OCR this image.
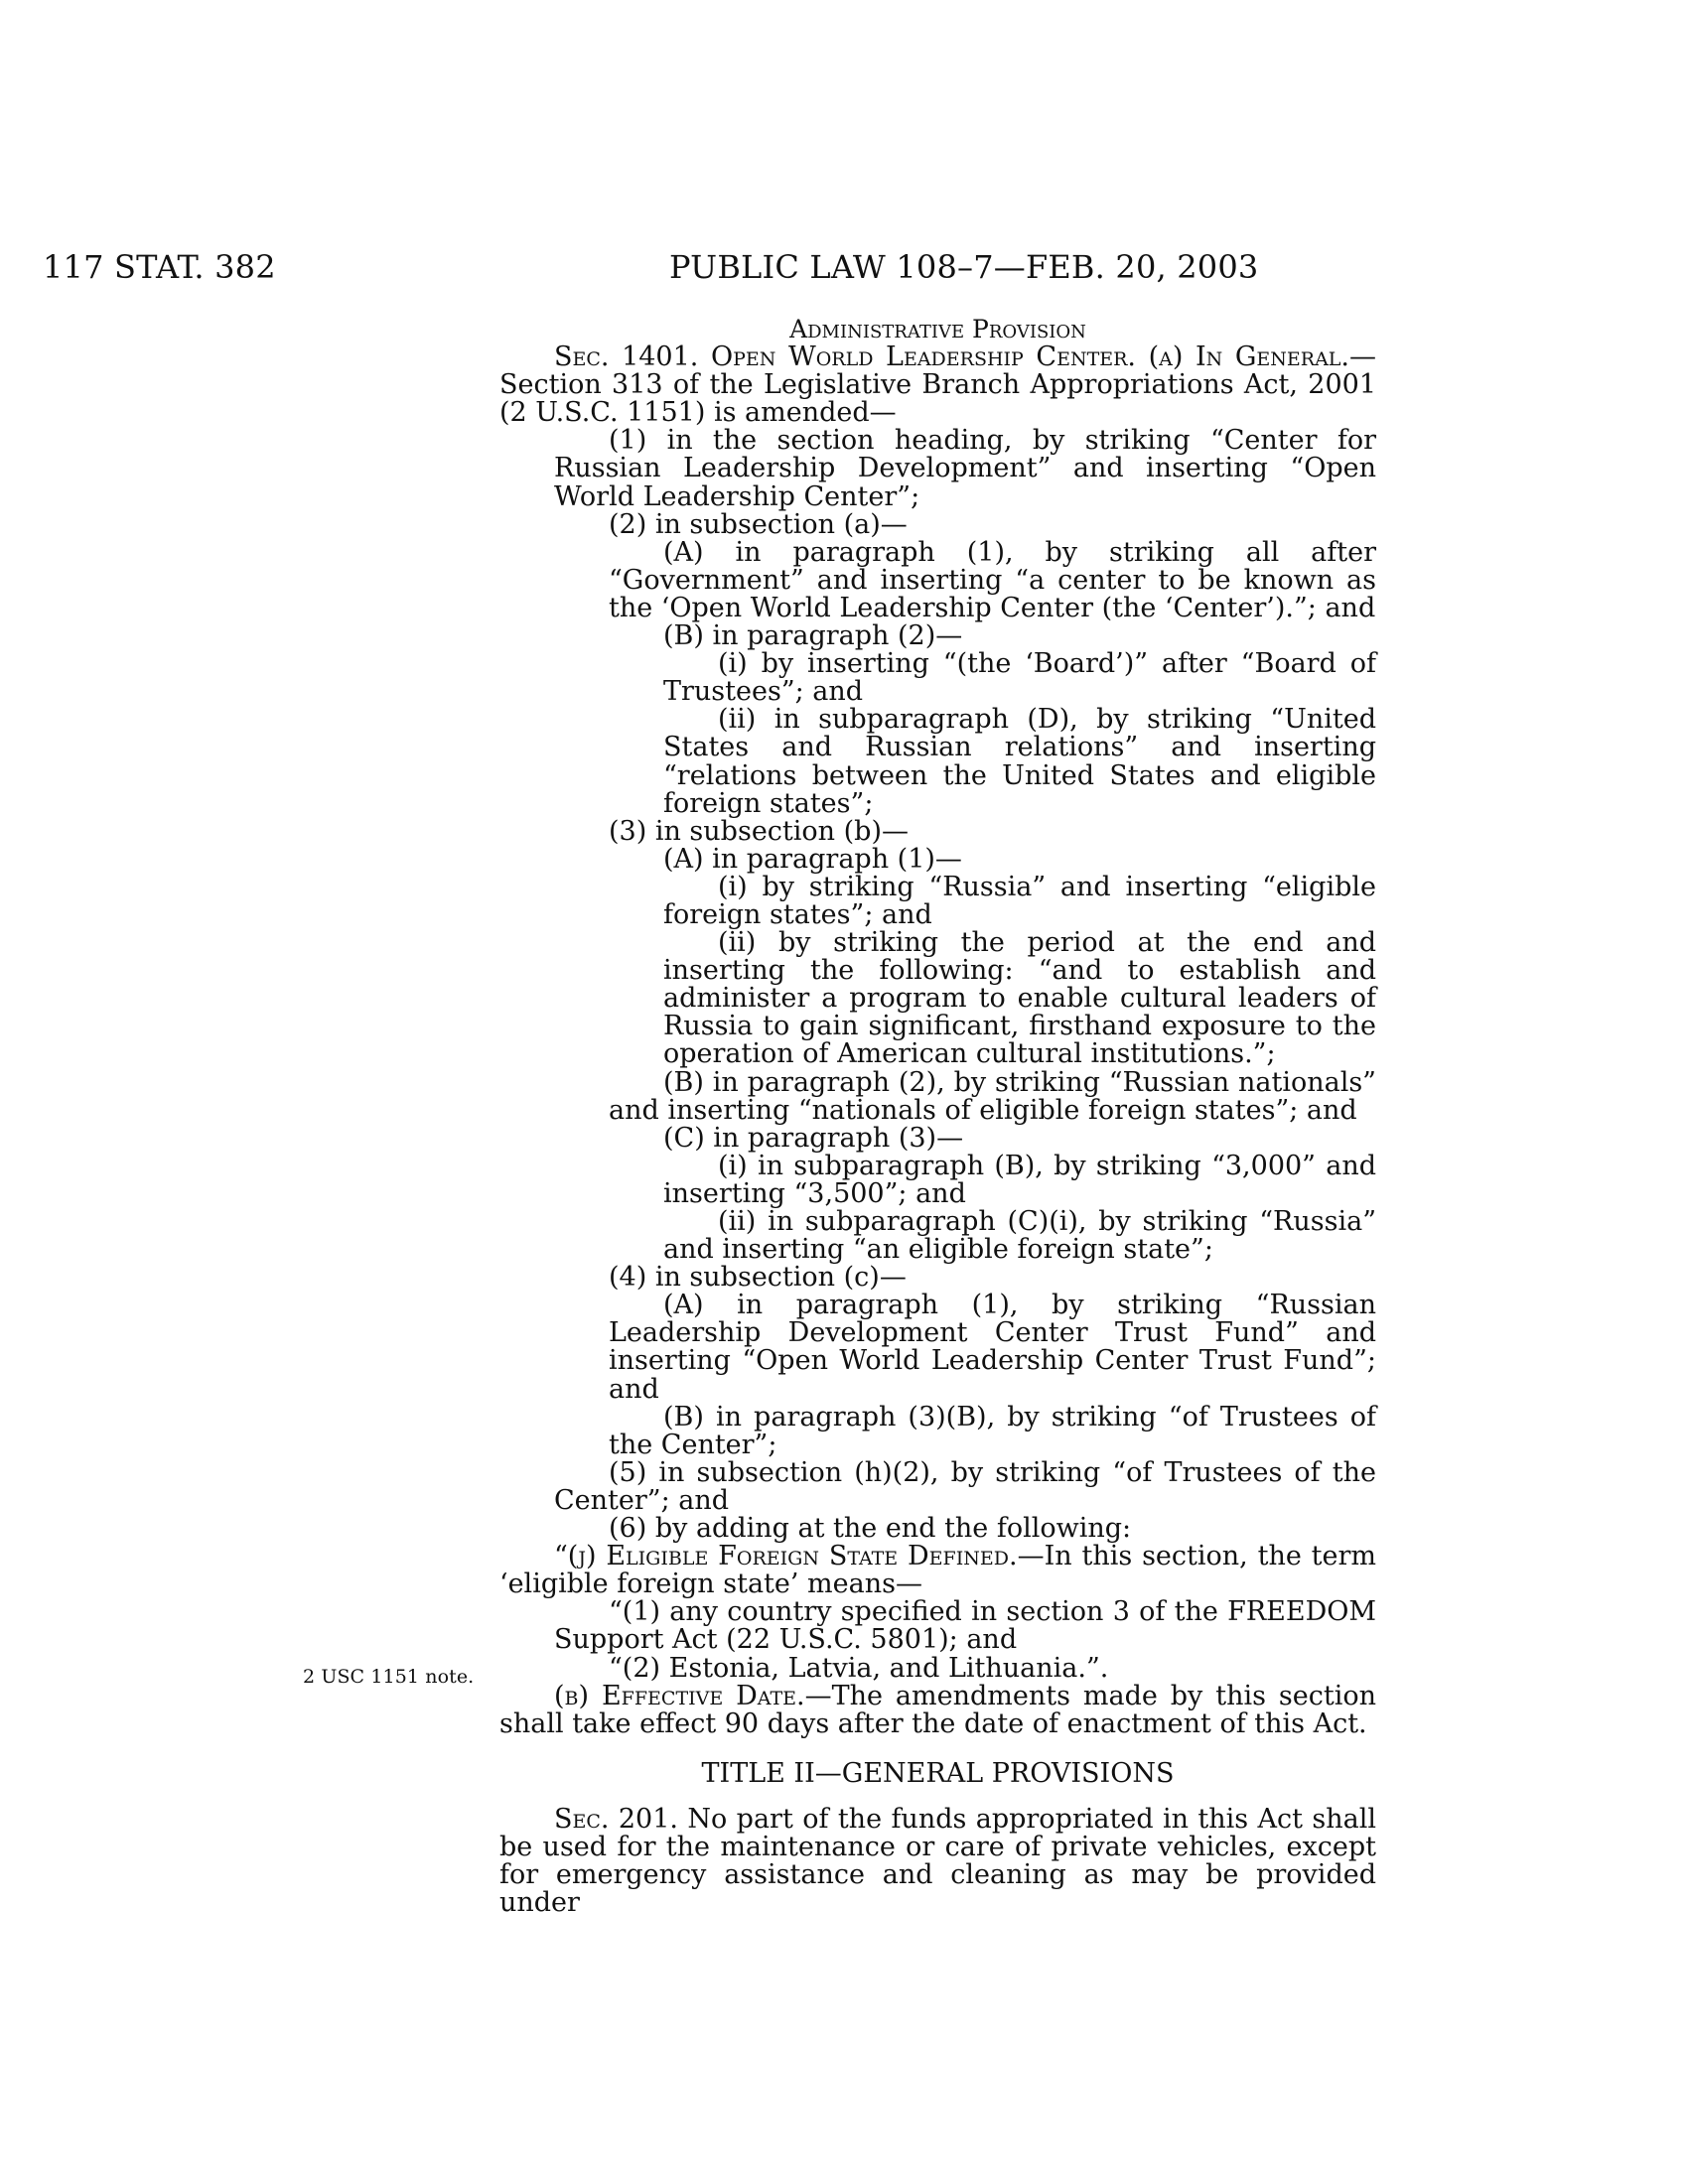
117 STAT. 382	PUBLIC LAW 108–7—FEB. 20, 2003

Administrative Provision

Sec. 1401. Open World Leadership Center. (a) In General.—Section 313 of the Legislative Branch Appropriations Act, 2001 (2 U.S.C. 1151) is amended—

(1) in the section heading, by striking “Center for Russian Leadership Development” and inserting “Open World Leadership Center”;

(2) in subsection (a)—

(A) in paragraph (1), by striking all after “Government” and inserting “a center to be known as the ‘Open World Leadership Center (the ‘Center’).”; and

(B) in paragraph (2)—

(i) by inserting “(the ‘Board’)” after “Board of Trustees”; and

(ii) in subparagraph (D), by striking “United States and Russian relations” and inserting “relations between the United States and eligible foreign states”;

(3) in subsection (b)—

(A) in paragraph (1)—

(i) by striking “Russia” and inserting “eligible foreign states”; and

(ii) by striking the period at the end and inserting the following: “and to establish and administer a program to enable cultural leaders of Russia to gain significant, firsthand exposure to the operation of American cultural institutions.”;

(B) in paragraph (2), by striking “Russian nationals” and inserting “nationals of eligible foreign states”; and

(C) in paragraph (3)—

(i) in subparagraph (B), by striking “3,000” and inserting “3,500”; and

(ii) in subparagraph (C)(i), by striking “Russia” and inserting “an eligible foreign state”;

(4) in subsection (c)—

(A) in paragraph (1), by striking “Russian Leadership Development Center Trust Fund” and inserting “Open World Leadership Center Trust Fund”; and

(B) in paragraph (3)(B), by striking “of Trustees of the Center”;

(5) in subsection (h)(2), by striking “of Trustees of the Center”; and

(6) by adding at the end the following:

“(j) Eligible Foreign State Defined.—In this section, the term ‘eligible foreign state’ means—

“(1) any country specified in section 3 of the FREEDOM Support Act (22 U.S.C. 5801); and

“(2) Estonia, Latvia, and Lithuania.”.

(b) Effective Date.—The amendments made by this section shall take effect 90 days after the date of enactment of this Act.

TITLE II—GENERAL PROVISIONS

Sec. 201. No part of the funds appropriated in this Act shall be used for the maintenance or care of private vehicles, except for emergency assistance and cleaning as may be provided under

2 USC 1151 note.
